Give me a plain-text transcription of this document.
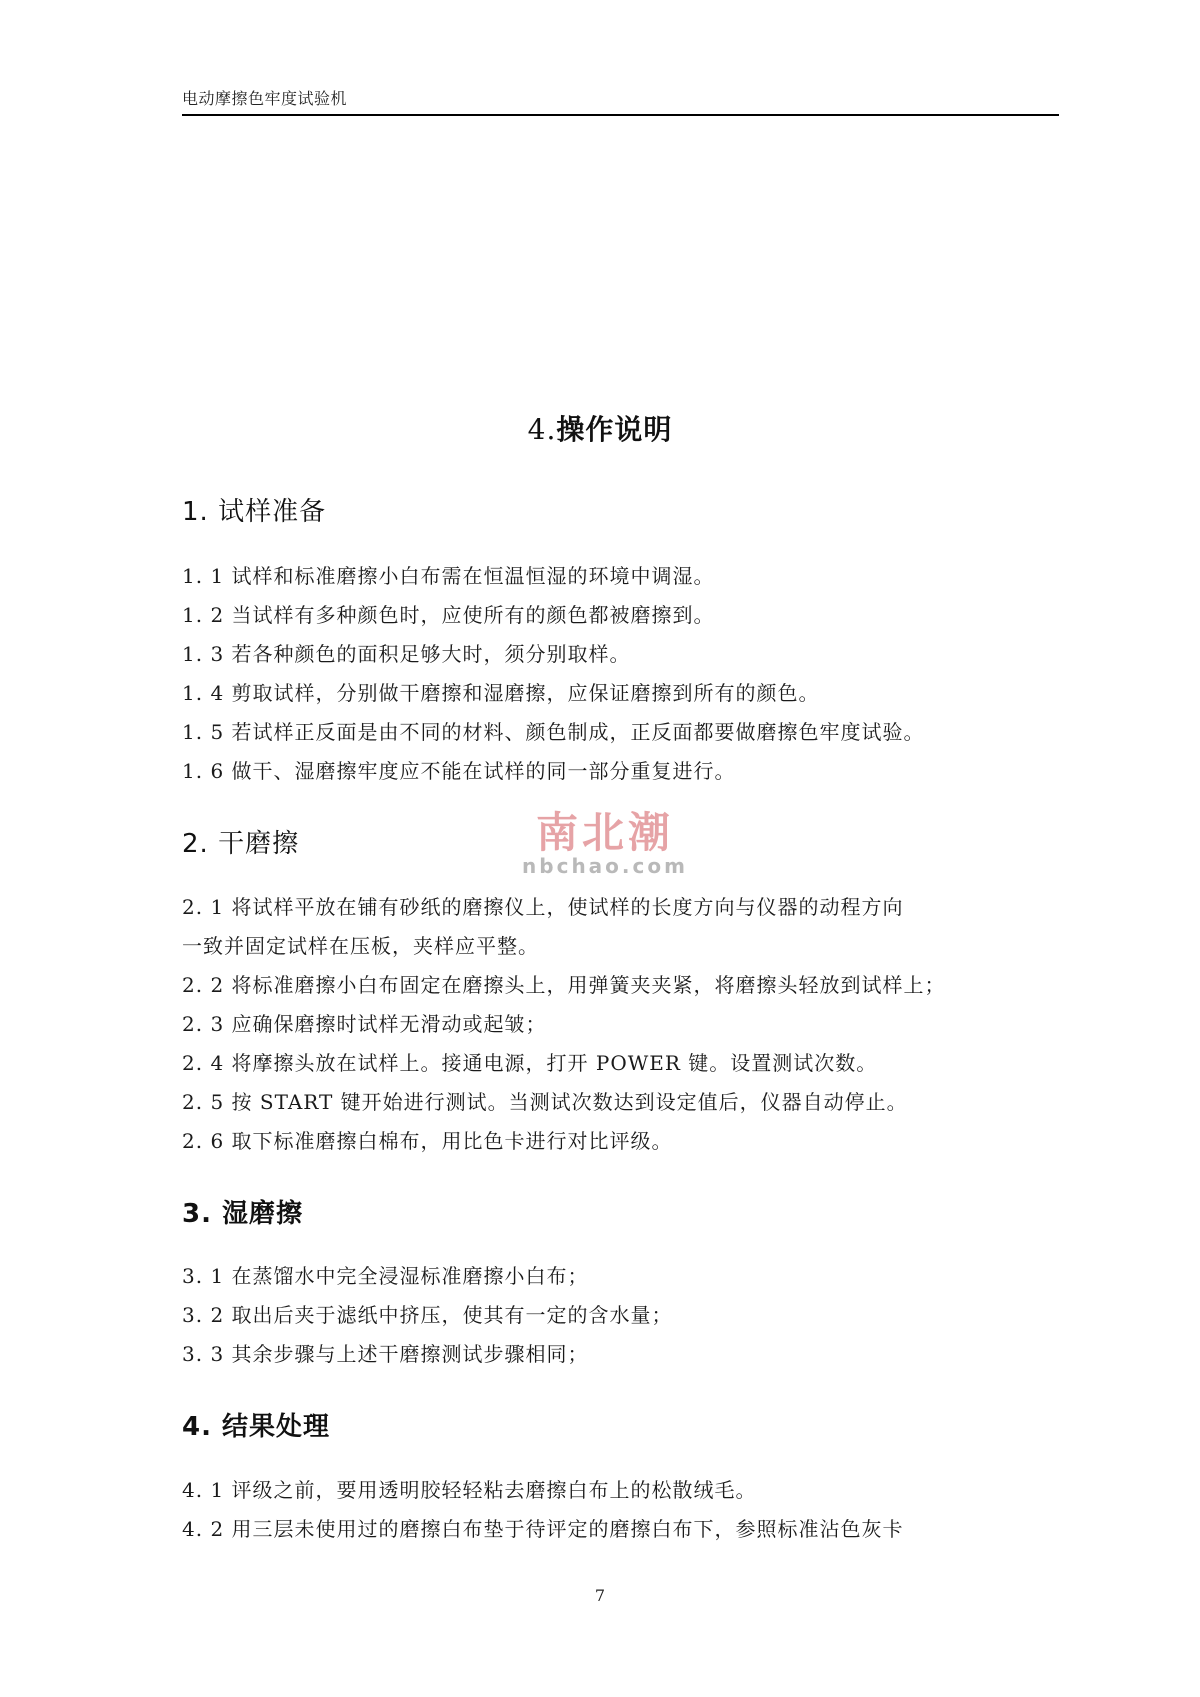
电动摩擦色牢度试验机
4.操作说明
1. 试样准备
1. 1 试样和标准磨擦小白布需在恒温恒湿的环境中调湿。
1. 2 当试样有多种颜色时，应使所有的颜色都被磨擦到。
1. 3 若各种颜色的面积足够大时，须分别取样。
1. 4 剪取试样，分别做干磨擦和湿磨擦，应保证磨擦到所有的颜色。
1. 5 若试样正反面是由不同的材料、颜色制成，正反面都要做磨擦色牢度试验。
1. 6 做干、湿磨擦牢度应不能在试样的同一部分重复进行。
2. 干磨擦
2. 1 将试样平放在铺有砂纸的磨擦仪上，使试样的长度方向与仪器的动程方向
一致并固定试样在压板，夹样应平整。
2. 2 将标准磨擦小白布固定在磨擦头上，用弹簧夹夹紧，将磨擦头轻放到试样上；
2. 3 应确保磨擦时试样无滑动或起皱；
2. 4 将摩擦头放在试样上。接通电源，打开 POWER 键。设置测试次数。
2. 5 按 START 键开始进行测试。当测试次数达到设定值后，仪器自动停止。
2. 6 取下标准磨擦白棉布，用比色卡进行对比评级。
3. 湿磨擦
3. 1 在蒸馏水中完全浸湿标准磨擦小白布；
3. 2 取出后夹于滤纸中挤压，使其有一定的含水量；
3. 3 其余步骤与上述干磨擦测试步骤相同；
4. 结果处理
4. 1 评级之前，要用透明胶轻轻粘去磨擦白布上的松散绒毛。
4. 2 用三层未使用过的磨擦白布垫于待评定的磨擦白布下，参照标准沾色灰卡
南北潮
nbchao.com
7
